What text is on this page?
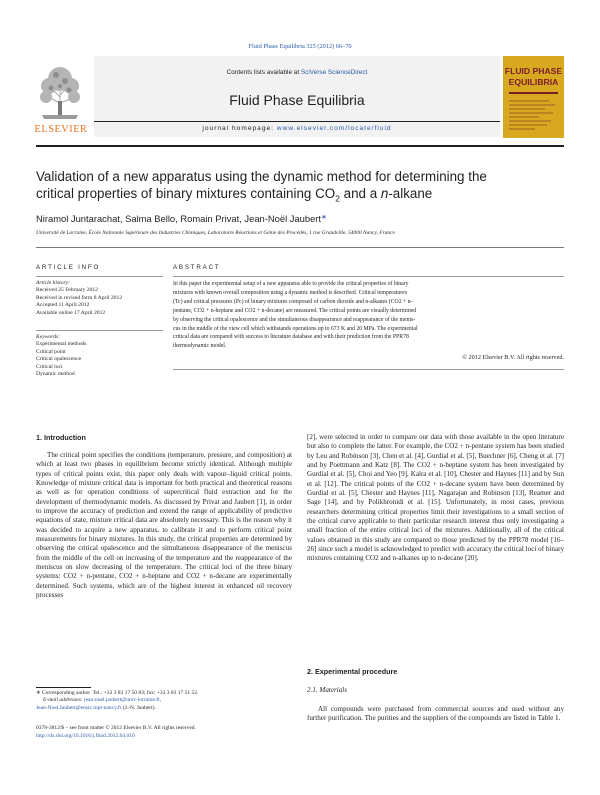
Fluid Phase Equilibria 325 (2012) 66–70
ELSEVIER
Contents lists available at SciVerse ScienceDirect
Fluid Phase Equilibria
journal homepage: www.elsevier.com/locate/fluid
FLUID PHASE
EQUILIBRIA
Validation of a new apparatus using the dynamic method for determining the
critical properties of binary mixtures containing $CO_2$ and a n-alkane
Niramol Juntarachat, Salma Bello, Romain Privat, Jean-Noël Jaubert∗
Université de Lorraine, École Nationale Supérieure des Industries Chimiques, Laboratoire Réactions et Génie des Procédés, 1 rue Grandville, 54000 Nancy, France
ARTICLE INFO
Article history:
Received 25 February 2012
Received in revised form 8 April 2012
Accepted 11 April 2012
Available online 17 April 2012
Keywords:
Experimental methods
Critical point
Critical opalescence
Critical loci
Dynamic method
ABSTRACT
In this paper the experimental setup of a new apparatus able to provide the critical properties of binary
mixtures with known overall composition using a dynamic method is described. Critical temperatures
(Tc) and critical pressures (Pc) of binary mixtures composed of carbon dioxide and n-alkanes (CO2 + n-
pentane, CO2 + n-heptane and CO2 + n-decane) are measured. The critical points are visually determined
by observing the critical opalescence and the simultaneous disappearance and reappearance of the menis-
cus in the middle of the view cell which withstands operations up to 673 K and 20 MPa. The experimental
critical data are compared with success to literature database and with their prediction from the PPR78
thermodynamic model.
© 2012 Elsevier B.V. All rights reserved.
1. Introduction

The critical point specifies the conditions (temperature, pressure, and composition) at which at least two phases in equilibrium become strictly identical. Although multiple types of critical points exist, this paper only deals with vapour–liquid critical points. Knowledge of mixture critical data is important for both practical and theoretical reasons as well as for operation conditions of supercritical fluid extraction and for the development of thermodynamic models. As discussed by Privat and Jaubert [1], in order to improve the accuracy of prediction and extend the range of applicability of predictive equations of state, mixture critical data are absolutely necessary. This is the reason why it was decided to acquire a new apparatus, to calibrate it and to perform critical point measurements for binary mixtures. In this study, the critical properties are determined by observing the critical opalescence and the simultaneous disappearance of the meniscus from the middle of the cell on increasing of the temperature and the reappearance of the meniscus on slow decreasing of the temperature. The critical loci of the three binary systems: CO2 + n-pentane, CO2 + n-heptane and CO2 + n-decane are experimentally determined. Such systems, which are of the highest interest in enhanced oil recovery processes

[2], were selected in order to compare our data with those available in the open literature but also to complete the latter. For example, the CO2 + n-pentane system has been studied by Leu and Robinson [3], Chen et al. [4], Gurdial et al. [5], Buechner [6], Cheng et al. [7] and by Poettmann and Katz [8]. The CO2 + n-heptane system has been investigated by Gurdial et al. [5], Choi and Yeo [9], Kalra et al. [10], Chester and Haynes [11] and by Sun et al. [12]. The critical points of the CO2 + n-decane system have been determined by Gurdial et al. [5], Chester and Haynes [11], Nagarajan and Robinson [13], Reamer and Sage [14], and by Polikhronidi et al. [15]. Unfortunately, in most cases, previous researchers determining critical properties limit their investigations to a small section of the critical curve applicable to their particular research interest thus only investigating a small fraction of the entire critical loci of the mixtures. Additionally, all of the critical values obtained in this study are compared to those predicted by the PPR78 model [16–26] since such a model is acknowledged to predict with accuracy the critical loci of binary mixtures containing CO2 and n-alkanes up to n-decane [20].

2. Experimental procedure
2.1. Materials

All compounds were purchased from commercial sources and used without any further purification. The purities and the suppliers of the compounds are listed in Table 1.

∗ Corresponding author. Tel.: +33 3 83 17 50 83; fax: +33 3 83 17 51 52.
E-mail addresses: jean-noel.jaubert@univ-lorraine.fr,
Jean-Noel.Jaubert@ensic.inpl-nancy.fr (J.-N. Jaubert).
0378-3812/$ – see front matter © 2012 Elsevier B.V. All rights reserved.
http://dx.doi.org/10.1016/j.fluid.2012.04.010
